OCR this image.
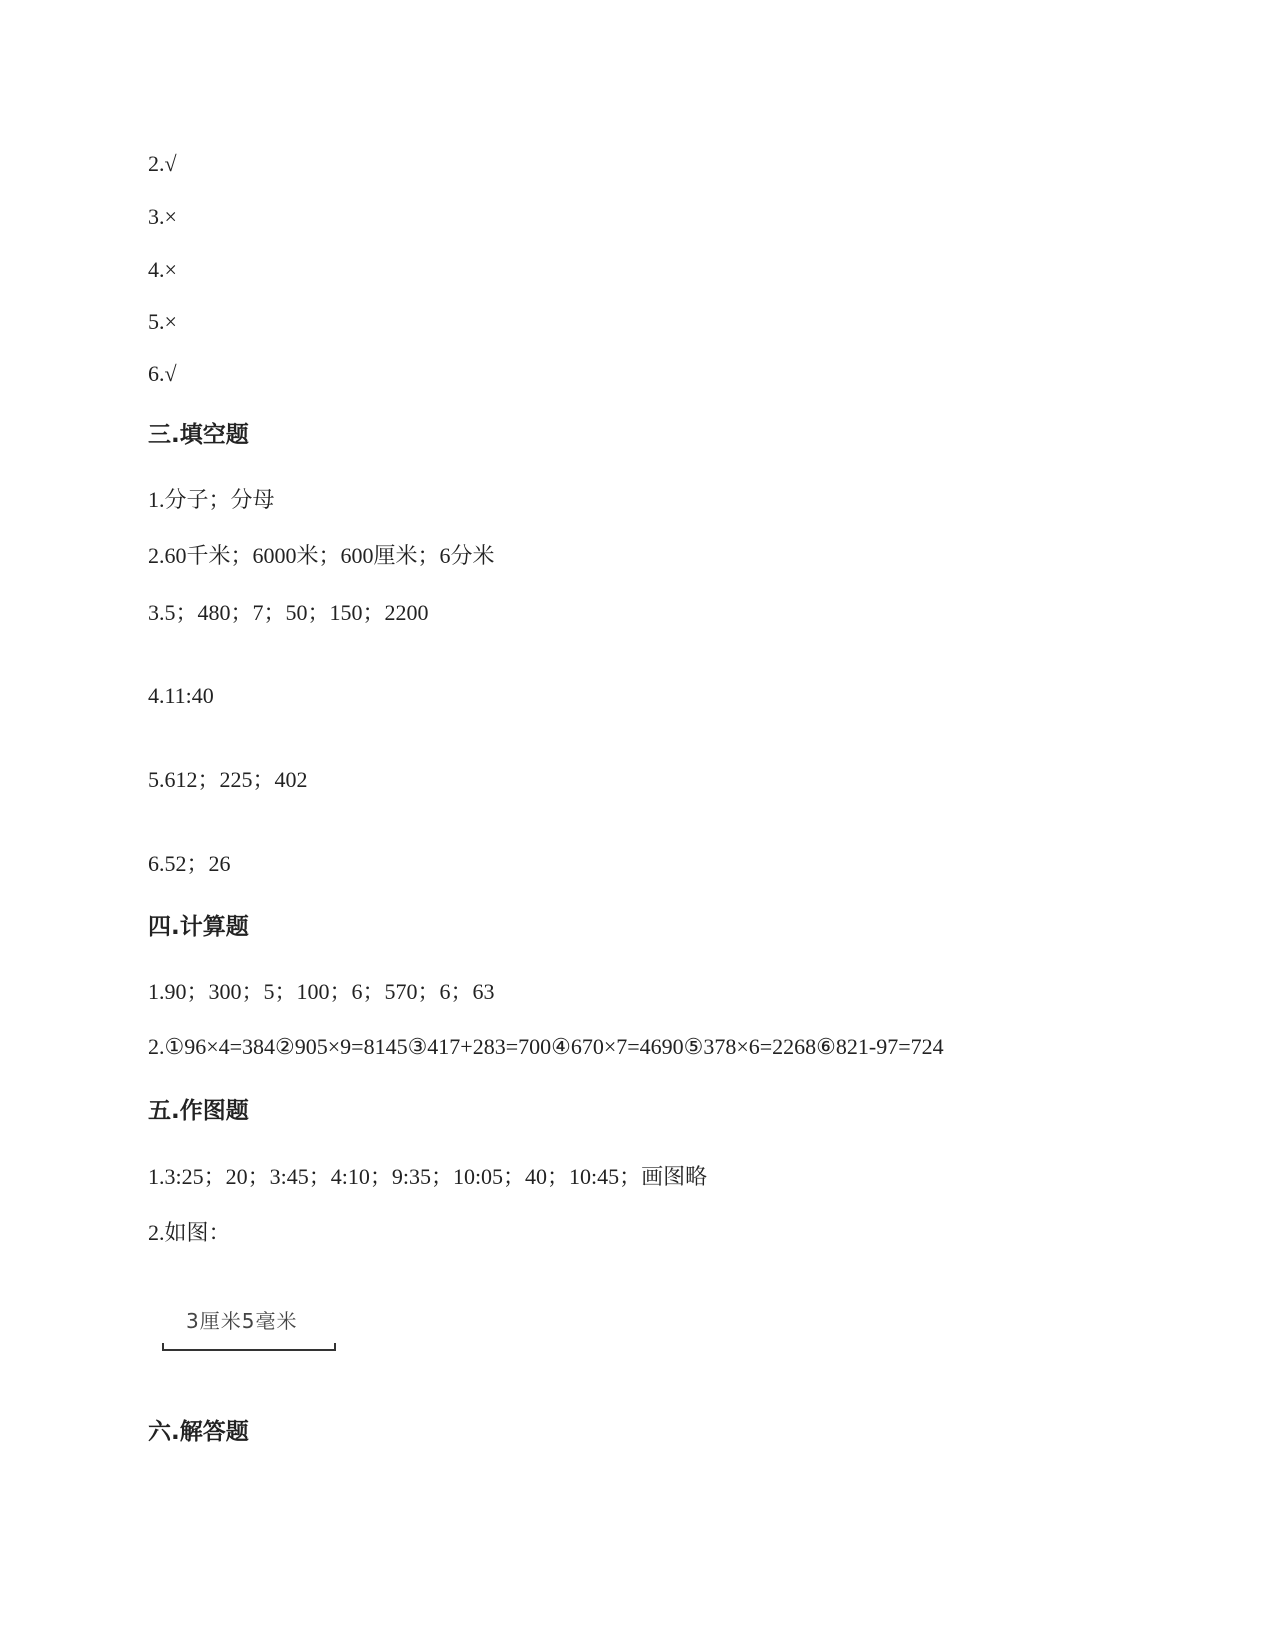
2.√
3.×
4.×
5.×
6.√
三.填空题
1.分子；分母
2.60千米；6000米；600厘米；6分米
3.5；480；7；50；150；2200
4.11:40
5.612；225；402
6.52；26
四.计算题
1.90；300；5；100；6；570；6；63
2.①96×4=384②905×9=8145③417+283=700④670×7=4690⑤378×6=2268⑥821-97=724
五.作图题
1.3:25；20；3:45；4:10；9:35；10:05；40；10:45；画图略
2.如图：
3厘米5毫米
六.解答题
